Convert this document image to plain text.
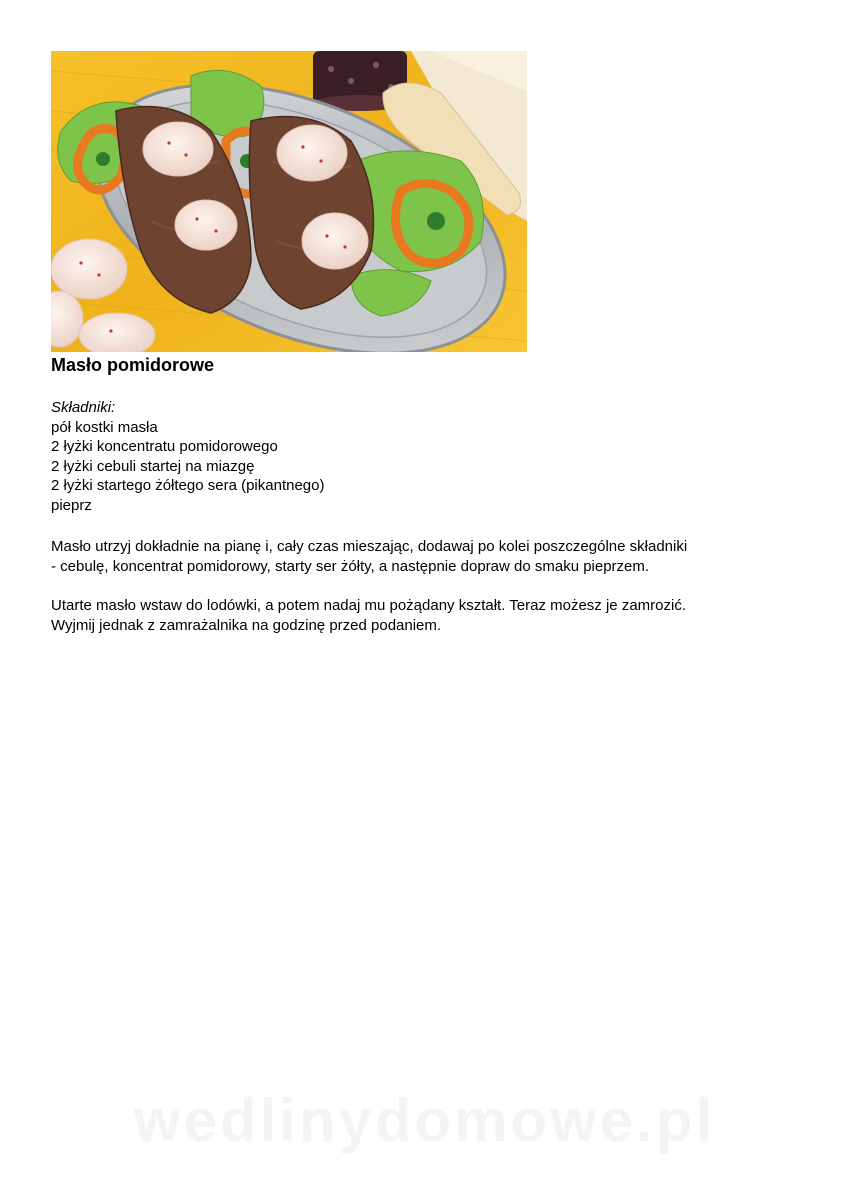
Masło pomidorowe
Składniki:
pół kostki masła
2 łyżki koncentratu pomidorowego
2 łyżki cebuli startej na miazgę
2 łyżki startego żółtego sera (pikantnego)
pieprz

Masło utrzyj dokładnie na pianę i, cały czas mieszając, dodawaj po kolei poszczególne składniki
- cebulę, koncentrat pomidorowy, starty ser żółty, a następnie dopraw do smaku pieprzem.

Utarte masło wstaw do lodówki, a potem nadaj mu pożądany kształt. Teraz możesz je zamrozić.
Wyjmij jednak z zamrażalnika na godzinę przed podaniem.

wedlinydomowe.pl
